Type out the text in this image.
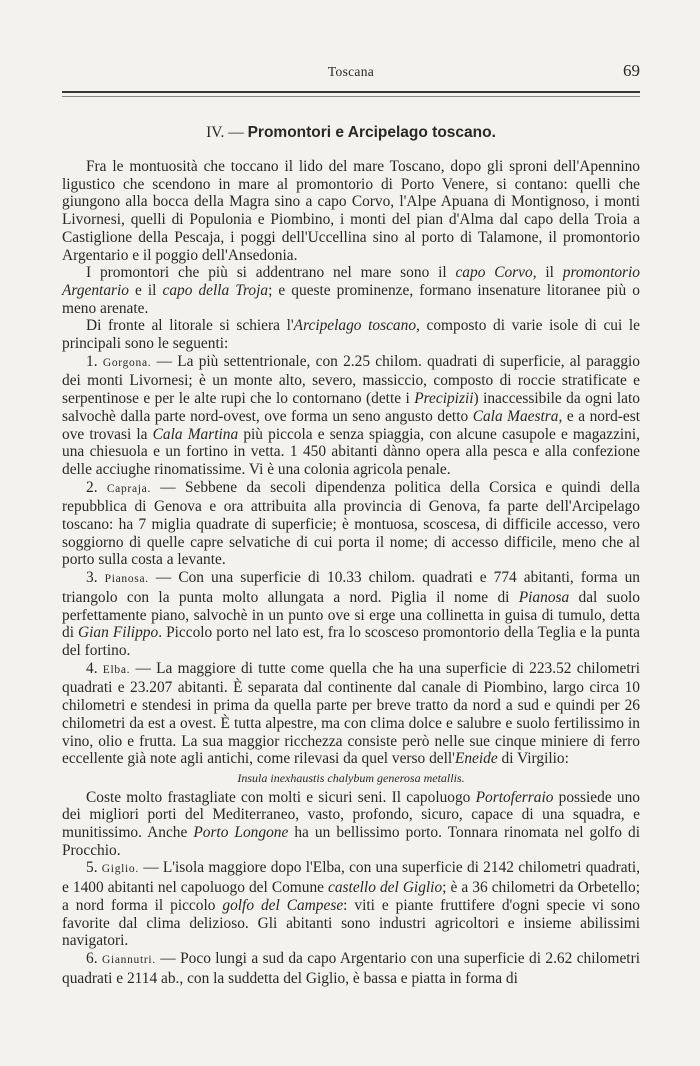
Toscana	69
IV. — Promontori e Arcipelago toscano.

Fra le montuosità che toccano il lido del mare Toscano, dopo gli sproni dell'Apennino ligustico che scendono in mare al promontorio di Porto Venere, si contano: quelli che giungono alla bocca della Magra sino a capo Corvo, l'Alpe Apuana di Montignoso, i monti Livornesi, quelli di Populonia e Piombino, i monti del pian d'Alma dal capo della Troia a Castiglione della Pescaja, i poggi dell'Uccellina sino al porto di Talamone, il promontorio Argentario e il poggio dell'Ansedonia.

I promontori che più si addentrano nel mare sono il capo Corvo, il promontorio Argentario e il capo della Troja; e queste prominenze, formano insenature litoranee più o meno arenate.

Di fronte al litorale si schiera l'Arcipelago toscano, composto di varie isole di cui le principali sono le seguenti:

1. Gorgona. — La più settentrionale, con 2.25 chilom. quadrati di superficie, al paraggio dei monti Livornesi; è un monte alto, severo, massiccio, composto di roccie stratificate e serpentinose e per le alte rupi che lo contornano (dette i Precipizii) inaccessibile da ogni lato salvochè dalla parte nord-ovest, ove forma un seno angusto detto Cala Maestra, e a nord-est ove trovasi la Cala Martina più piccola e senza spiaggia, con alcune casupole e magazzini, una chiesuola e un fortino in vetta. 1 450 abitanti dànno opera alla pesca e alla confezione delle acciughe rinomatissime. Vi è una colonia agricola penale.

2. Capraja. — Sebbene da secoli dipendenza politica della Corsica e quindi della repubblica di Genova e ora attribuita alla provincia di Genova, fa parte dell'Arcipelago toscano: ha 7 miglia quadrate di superficie; è montuosa, scoscesa, di difficile accesso, vero soggiorno di quelle capre selvatiche di cui porta il nome; di accesso difficile, meno che al porto sulla costa a levante.

3. Pianosa. — Con una superficie di 10.33 chilom. quadrati e 774 abitanti, forma un triangolo con la punta molto allungata a nord. Piglia il nome di Pianosa dal suolo perfettamente piano, salvochè in un punto ove si erge una collinetta in guisa di tumulo, detta di Gian Filippo. Piccolo porto nel lato est, fra lo scosceso promontorio della Teglia e la punta del fortino.

4. Elba. — La maggiore di tutte come quella che ha una superficie di 223.52 chilometri quadrati e 23.207 abitanti. È separata dal continente dal canale di Piombino, largo circa 10 chilometri e stendesi in prima da quella parte per breve tratto da nord a sud e quindi per 26 chilometri da est a ovest. È tutta alpestre, ma con clima dolce e salubre e suolo fertilissimo in vino, olio e frutta. La sua maggior ricchezza consiste però nelle sue cinque miniere di ferro eccellente già note agli antichi, come rilevasi da quel verso dell'Eneide di Virgilio:

Insula inexhaustis chalybum generosa metallis.

Coste molto frastagliate con molti e sicuri seni. Il capoluogo Portoferraio possiede uno dei migliori porti del Mediterraneo, vasto, profondo, sicuro, capace di una squadra, e munitissimo. Anche Porto Longone ha un bellissimo porto. Tonnara rinomata nel golfo di Procchio.

5. Giglio. — L'isola maggiore dopo l'Elba, con una superficie di 2142 chilometri quadrati, e 1400 abitanti nel capoluogo del Comune castello del Giglio; è a 36 chilometri da Orbetello; a nord forma il piccolo golfo del Campese: viti e piante fruttifere d'ogni specie vi sono favorite dal clima delizioso. Gli abitanti sono industri agricoltori e insieme abilissimi navigatori.

6. Giannutri. — Poco lungi a sud da capo Argentario con una superficie di 2.62 chilometri quadrati e 2114 ab., con la suddetta del Giglio, è bassa e piatta in forma di
